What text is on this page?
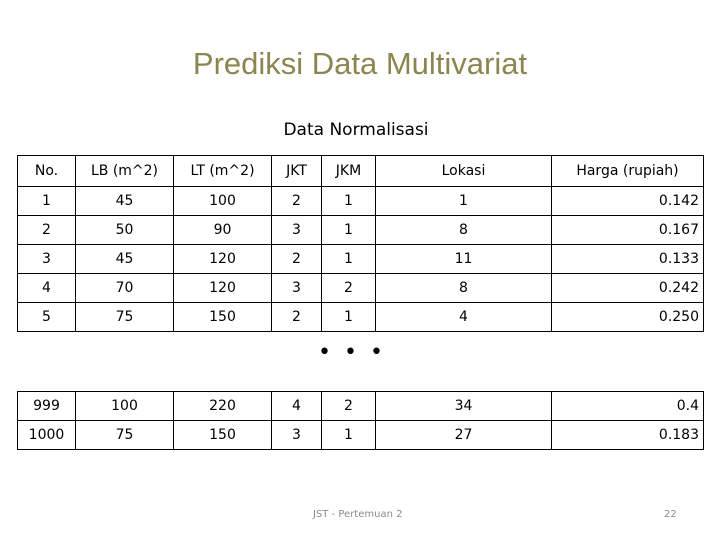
Prediksi Data Multivariat
Data Normalisasi
No.	LB (m^2)	LT (m^2)	JKT	JKM	Lokasi	Harga (rupiah)
1	45	100	2	1	1	0.142
2	50	90	3	1	8	0.167
3	45	120	2	1	11	0.133
4	70	120	3	2	8	0.242
5	75	150	2	1	4	0.250
• • •
999	100	220	4	2	34	0.4
1000	75	150	3	1	27	0.183
JST - Pertemuan 2	22
